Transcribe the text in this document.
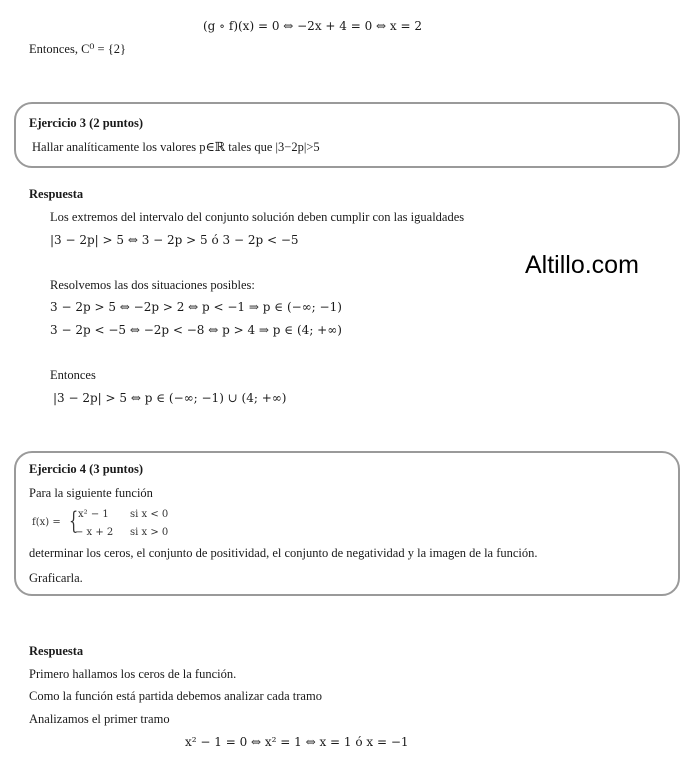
(g ∘ f)(x) = 0 ⇔ −2x + 4 = 0 ⇔ x = 2
Entonces, C⁰ = {2}
Ejercicio 3 (2 puntos)
Hallar analíticamente los valores p∈ℝ tales que |3−2p|>5
Respuesta
Los extremos del intervalo del conjunto solución deben cumplir con las igualdades
|3 − 2p| > 5 ⇔ 3 − 2p > 5 ó 3 − 2p < −5
Resolvemos las dos situaciones posibles:
3 − 2p > 5 ⇔ −2p > 2 ⇔ p < −1 ⇒ p ∈ (−∞; −1)
3 − 2p < −5 ⇔ −2p < −8 ⇔ p > 4 ⇒ p ∈ (4; +∞)
Entonces
|3 − 2p| > 5 ⇔ p ∈ (−∞; −1) ∪ (4; +∞)
Altillo.com
Ejercicio 4 (3 puntos)
Para la siguiente función
f(x) = { x² − 1 si x < 0
− x + 2 si x > 0
determinar los ceros, el conjunto de positividad, el conjunto de negatividad y la imagen de la función.
Graficarla.
Respuesta
Primero hallamos los ceros de la función.
Como la función está partida debemos analizar cada tramo
Analizamos el primer tramo
x² − 1 = 0 ⇔ x² = 1 ⇔ x = 1 ó x = −1
